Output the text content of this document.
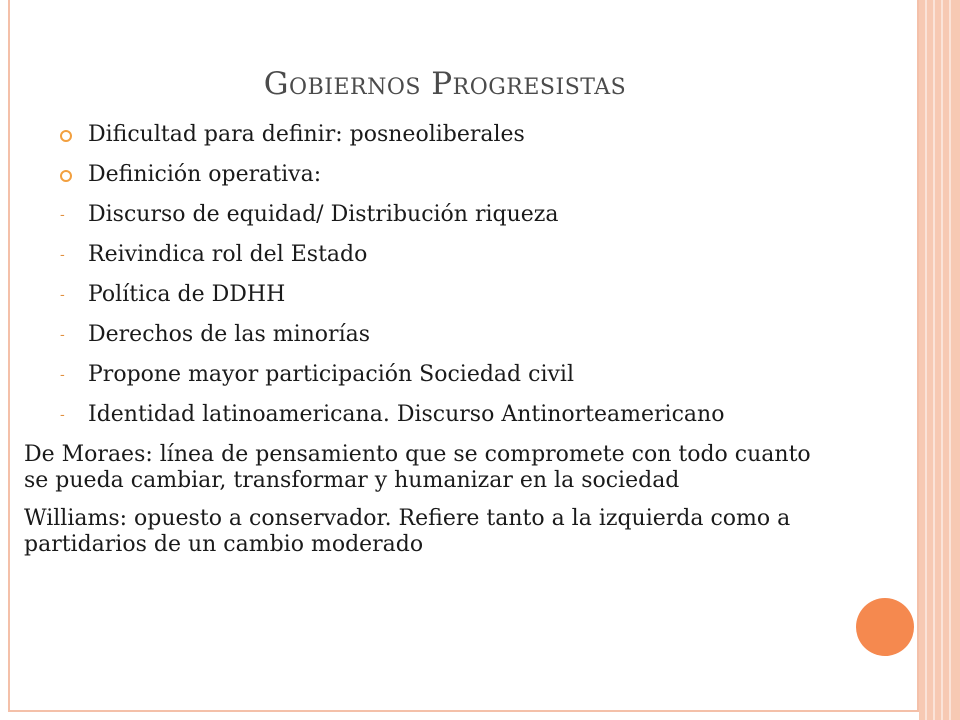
Gobiernos Progresistas
Dificultad para definir: posneoliberales
Definición operativa:
- Discurso de equidad/ Distribución riqueza
- Reivindica rol del Estado
- Política de DDHH
- Derechos de las minorías
- Propone mayor participación Sociedad civil
- Identidad latinoamericana. Discurso Antinorteamericano
De Moraes: línea de pensamiento que se compromete con todo cuanto se pueda cambiar, transformar y humanizar en la sociedad
Williams: opuesto a conservador. Refiere tanto a la izquierda como a partidarios de un cambio moderado
